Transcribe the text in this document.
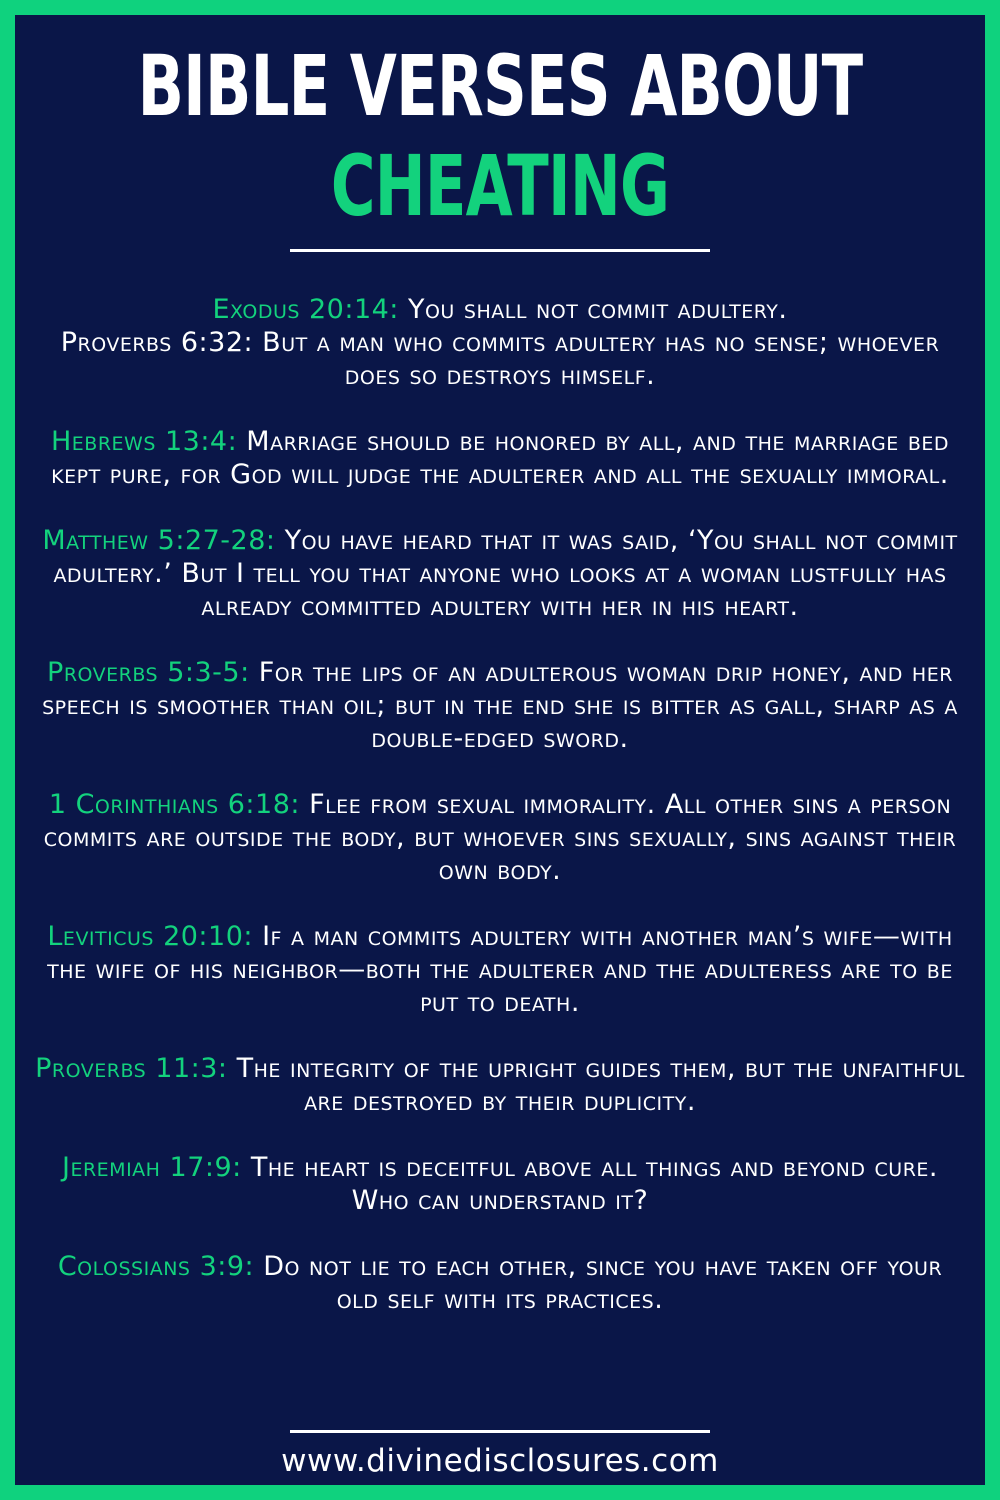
BIBLE VERSES ABOUT
CHEATING
Exodus 20:14: You shall not commit adultery.
Proverbs 6:32: But a man who commits adultery has no sense; whoever does so destroys himself.
Hebrews 13:4: Marriage should be honored by all, and the marriage bed kept pure, for God will judge the adulterer and all the sexually immoral.
Matthew 5:27-28: You have heard that it was said, ‘You shall not commit adultery.’ But I tell you that anyone who looks at a woman lustfully has already committed adultery with her in his heart.
Proverbs 5:3-5: For the lips of an adulterous woman drip honey, and her speech is smoother than oil; but in the end she is bitter as gall, sharp as a double-edged sword.
1 Corinthians 6:18: Flee from sexual immorality. All other sins a person commits are outside the body, but whoever sins sexually, sins against their own body.
Leviticus 20:10: If a man commits adultery with another man’s wife—with the wife of his neighbor—both the adulterer and the adulteress are to be put to death.
Proverbs 11:3: The integrity of the upright guides them, but the unfaithful are destroyed by their duplicity.
Jeremiah 17:9: The heart is deceitful above all things and beyond cure. Who can understand it?
Colossians 3:9: Do not lie to each other, since you have taken off your old self with its practices.
www.divinedisclosures.com
